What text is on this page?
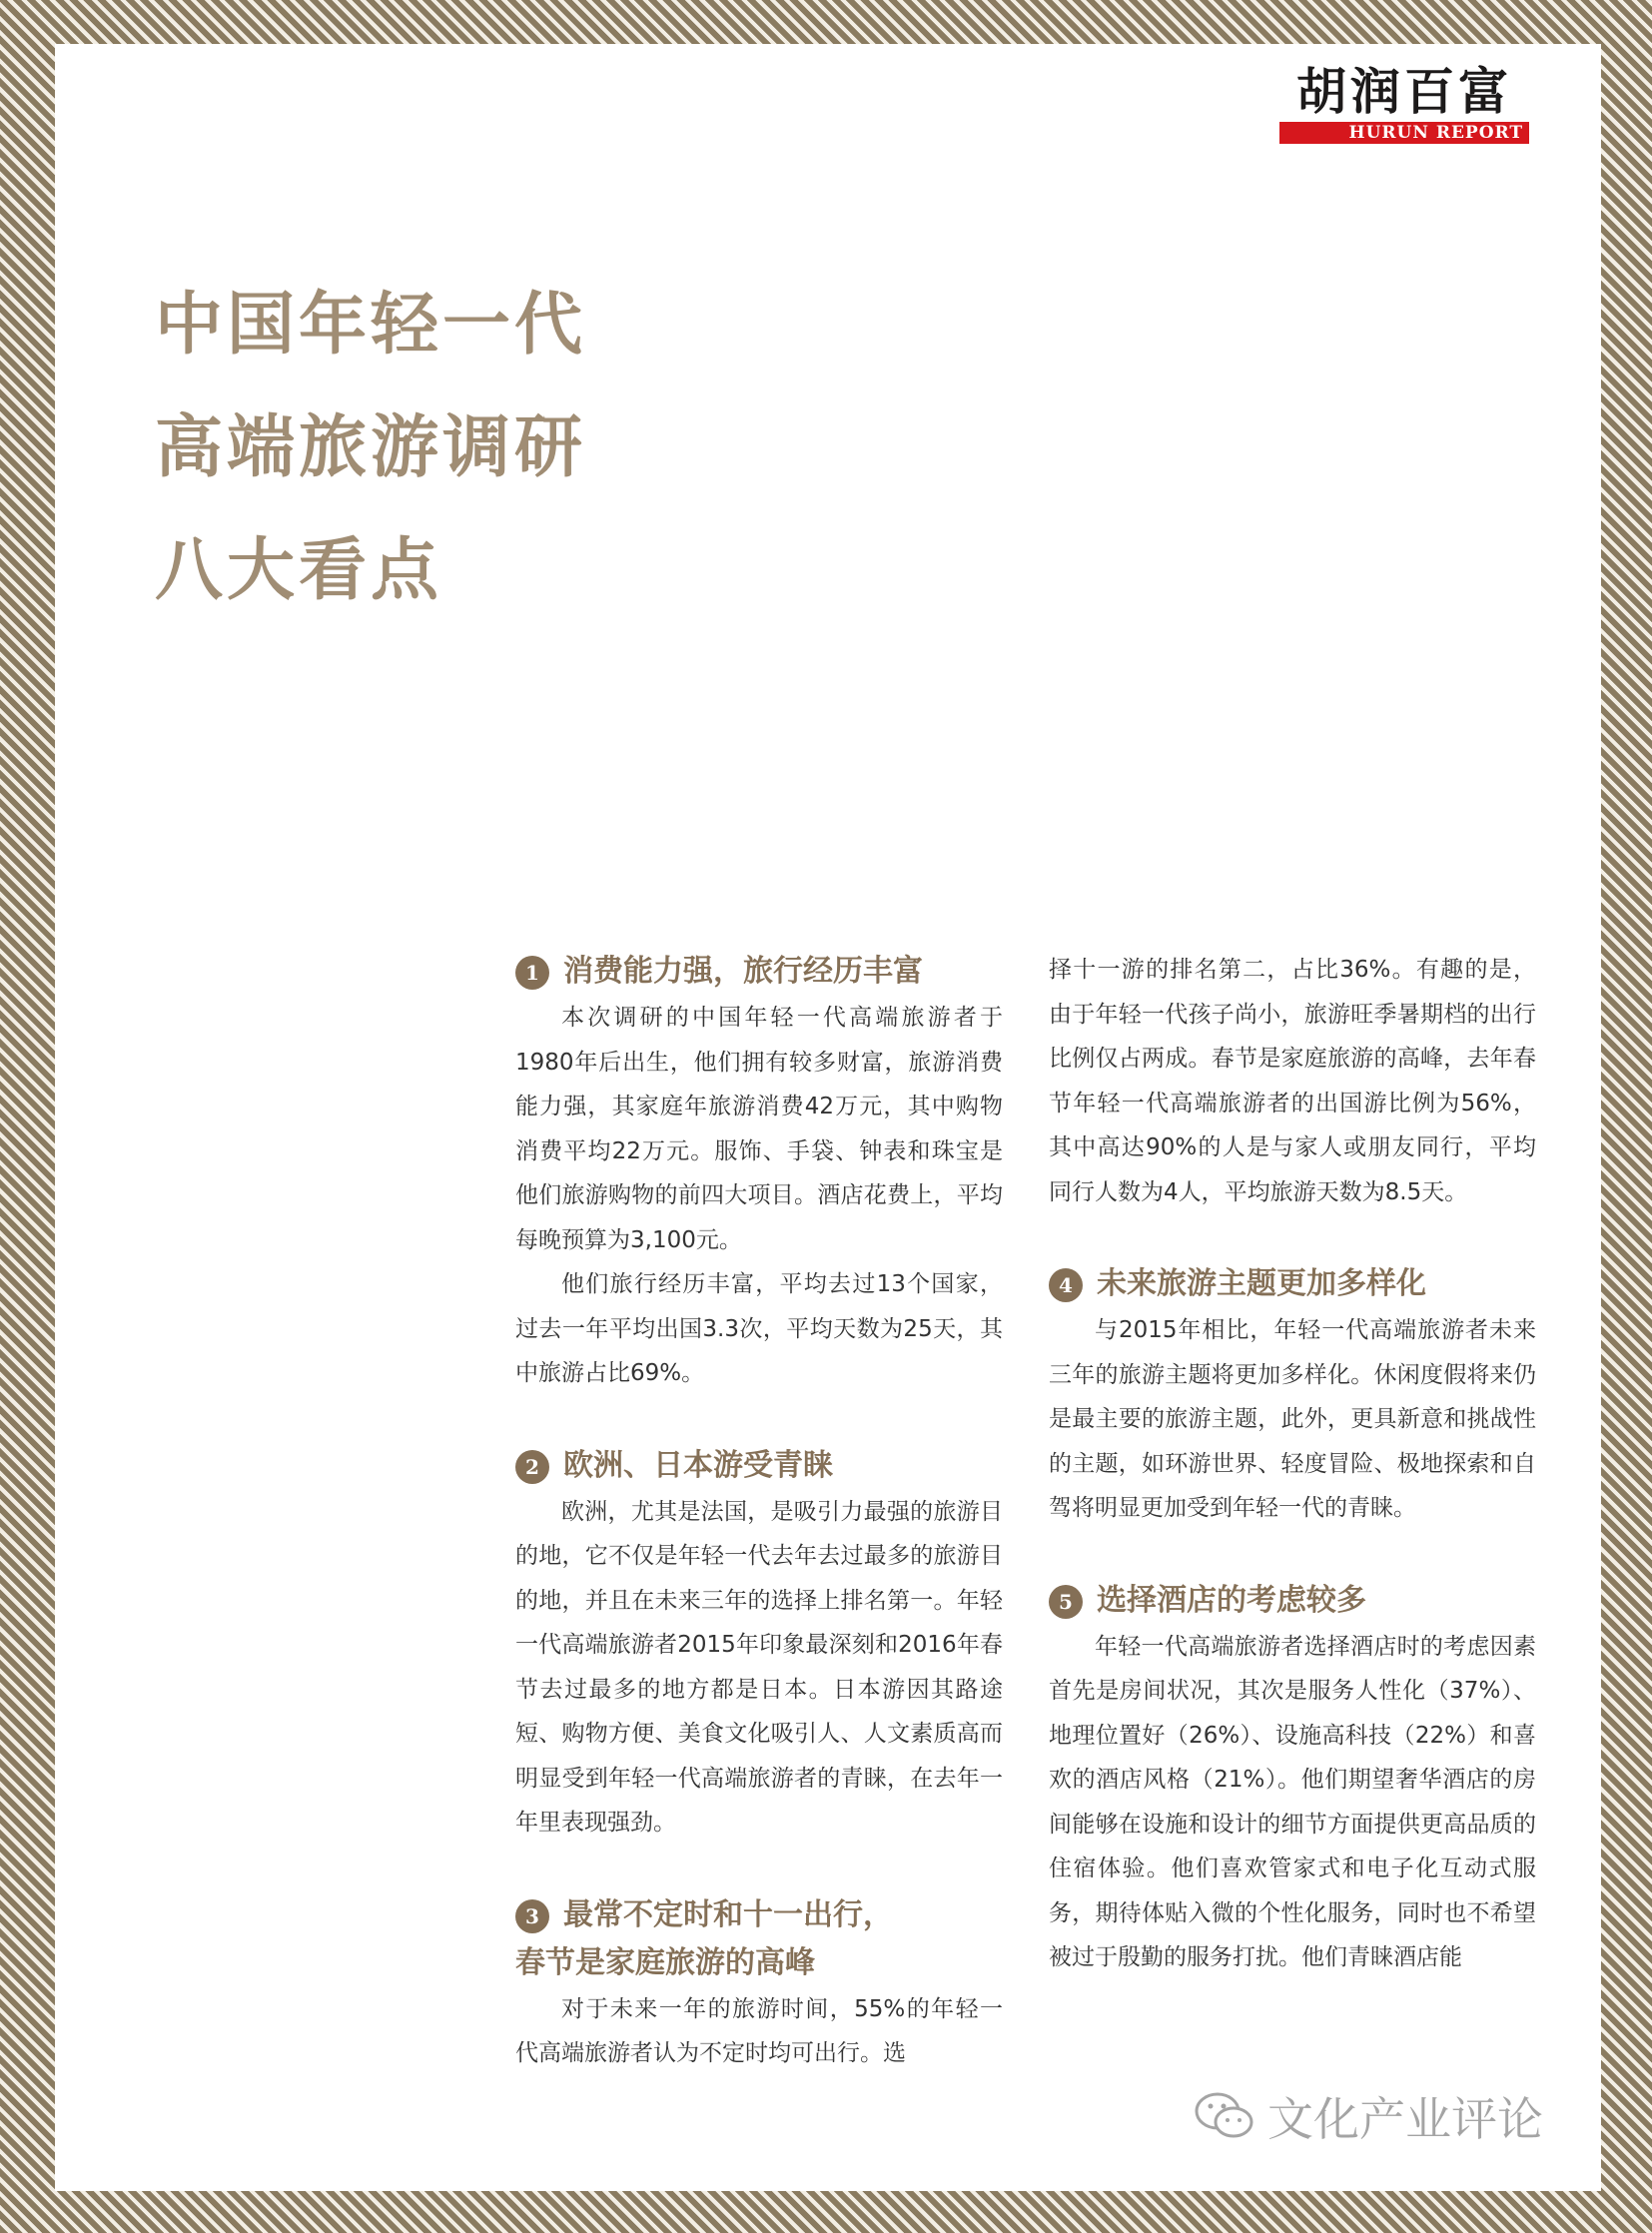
胡润百富
HURUN REPORT
中国年轻一代
高端旅游调研
八大看点
1 消费能力强，旅行经历丰富

本次调研的中国年轻一代高端旅游者于1980年后出生，他们拥有较多财富，旅游消费能力强，其家庭年旅游消费42万元，其中购物消费平均22万元。服饰、手袋、钟表和珠宝是他们旅游购物的前四大项目。酒店花费上，平均每晚预算为3,100元。

他们旅行经历丰富，平均去过13个国家，过去一年平均出国3.3次，平均天数为25天，其中旅游占比69%。

2 欧洲、日本游受青睐

欧洲，尤其是法国，是吸引力最强的旅游目的地，它不仅是年轻一代去年去过最多的旅游目的地，并且在未来三年的选择上排名第一。年轻一代高端旅游者2015年印象最深刻和2016年春节去过最多的地方都是日本。日本游因其路途短、购物方便、美食文化吸引人、人文素质高而明显受到年轻一代高端旅游者的青睐，在去年一年里表现强劲。

3 最常不定时和十一出行，
春节是家庭旅游的高峰

对于未来一年的旅游时间，55%的年轻一代高端旅游者认为不定时均可出行。选

择十一游的排名第二，占比36%。有趣的是，由于年轻一代孩子尚小，旅游旺季暑期档的出行比例仅占两成。春节是家庭旅游的高峰，去年春节年轻一代高端旅游者的出国游比例为56%，其中高达90%的人是与家人或朋友同行，平均同行人数为4人，平均旅游天数为8.5天。

4 未来旅游主题更加多样化

与2015年相比，年轻一代高端旅游者未来三年的旅游主题将更加多样化。休闲度假将来仍是最主要的旅游主题，此外，更具新意和挑战性的主题，如环游世界、轻度冒险、极地探索和自驾将明显更加受到年轻一代的青睐。

5 选择酒店的考虑较多

年轻一代高端旅游者选择酒店时的考虑因素首先是房间状况，其次是服务人性化（37%）、地理位置好（26%）、设施高科技（22%）和喜欢的酒店风格（21%）。他们期望奢华酒店的房间能够在设施和设计的细节方面提供更高品质的住宿体验。他们喜欢管家式和电子化互动式服务，期待体贴入微的个性化服务，同时也不希望被过于殷勤的服务打扰。他们青睐酒店能

文化产业评论
